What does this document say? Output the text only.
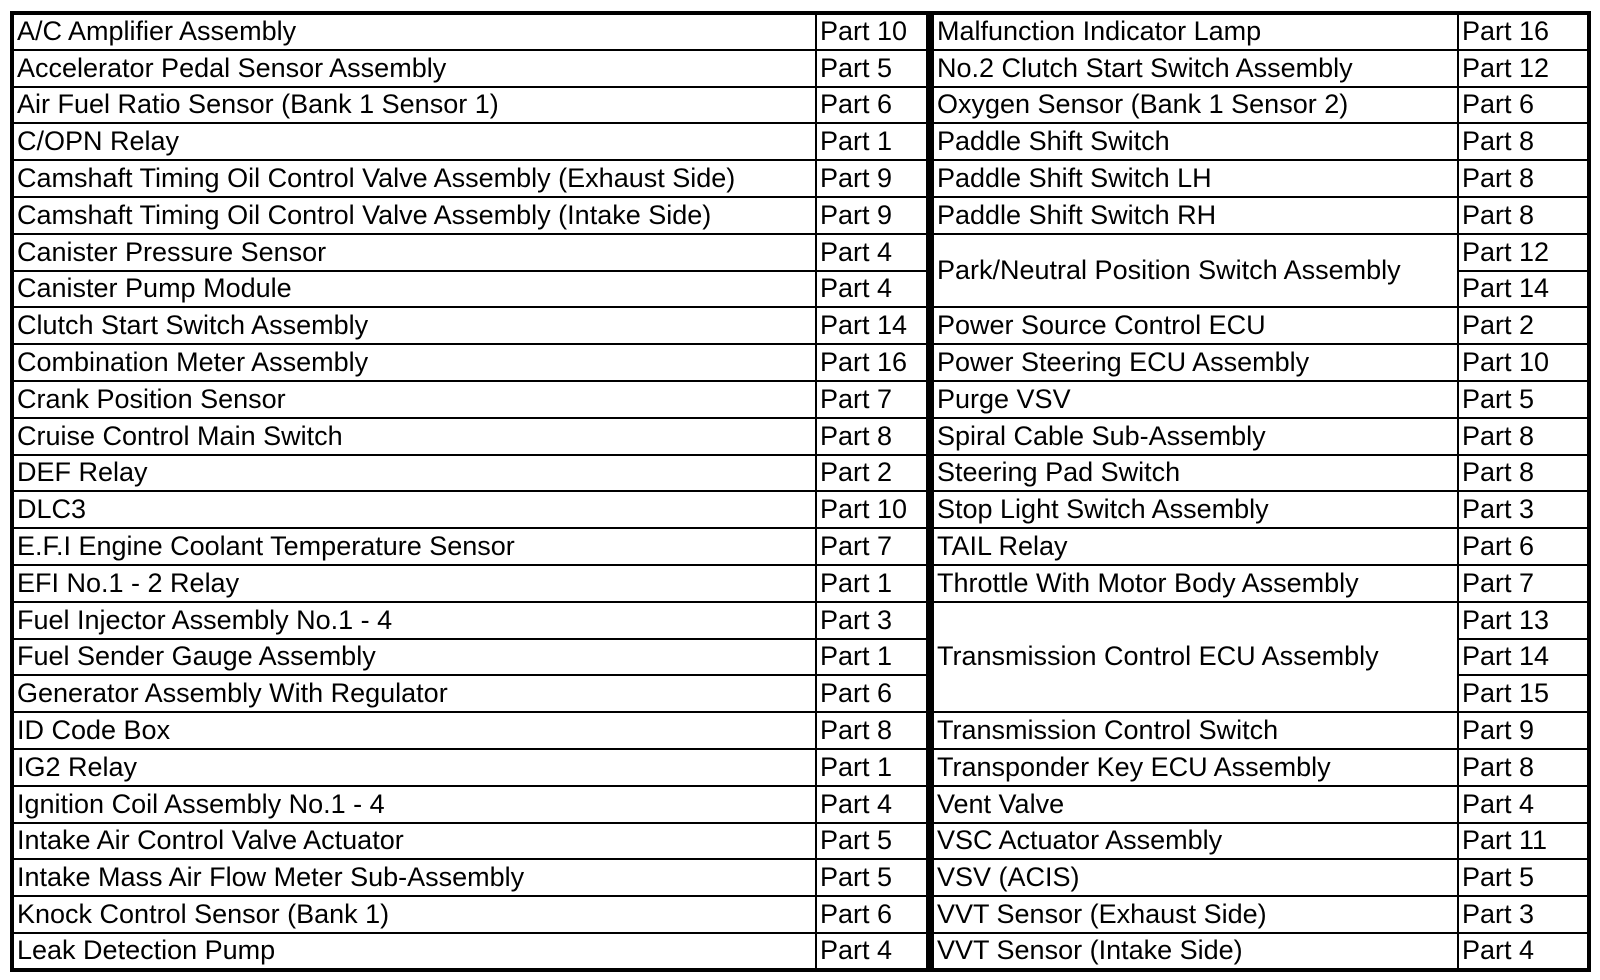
A/C Amplifier Assembly	Part 10
Accelerator Pedal Sensor Assembly	Part 5
Air Fuel Ratio Sensor (Bank 1 Sensor 1)	Part 6
C/OPN Relay	Part 1
Camshaft Timing Oil Control Valve Assembly (Exhaust Side)	Part 9
Camshaft Timing Oil Control Valve Assembly (Intake Side)	Part 9
Canister Pressure Sensor	Part 4
Canister Pump Module	Part 4
Clutch Start Switch Assembly	Part 14
Combination Meter Assembly	Part 16
Crank Position Sensor	Part 7
Cruise Control Main Switch	Part 8
DEF Relay	Part 2
DLC3	Part 10
E.F.I Engine Coolant Temperature Sensor	Part 7
EFI No.1 - 2 Relay	Part 1
Fuel Injector Assembly No.1 - 4	Part 3
Fuel Sender Gauge Assembly	Part 1
Generator Assembly With Regulator	Part 6
ID Code Box	Part 8
IG2 Relay	Part 1
Ignition Coil Assembly No.1 - 4	Part 4
Intake Air Control Valve Actuator	Part 5
Intake Mass Air Flow Meter Sub-Assembly	Part 5
Knock Control Sensor (Bank 1)	Part 6
Leak Detection Pump	Part 4
Malfunction Indicator Lamp	Part 16
No.2 Clutch Start Switch Assembly	Part 12
Oxygen Sensor (Bank 1 Sensor 2)	Part 6
Paddle Shift Switch	Part 8
Paddle Shift Switch LH	Part 8
Paddle Shift Switch RH	Part 8
Park/Neutral Position Switch Assembly	Part 12
	Part 14
Power Source Control ECU	Part 2
Power Steering ECU Assembly	Part 10
Purge VSV	Part 5
Spiral Cable Sub-Assembly	Part 8
Steering Pad Switch	Part 8
Stop Light Switch Assembly	Part 3
TAIL Relay	Part 6
Throttle With Motor Body Assembly	Part 7
Transmission Control ECU Assembly	Part 13
	Part 14
	Part 15
Transmission Control Switch	Part 9
Transponder Key ECU Assembly	Part 8
Vent Valve	Part 4
VSC Actuator Assembly	Part 11
VSV (ACIS)	Part 5
VVT Sensor (Exhaust Side)	Part 3
VVT Sensor (Intake Side)	Part 4
